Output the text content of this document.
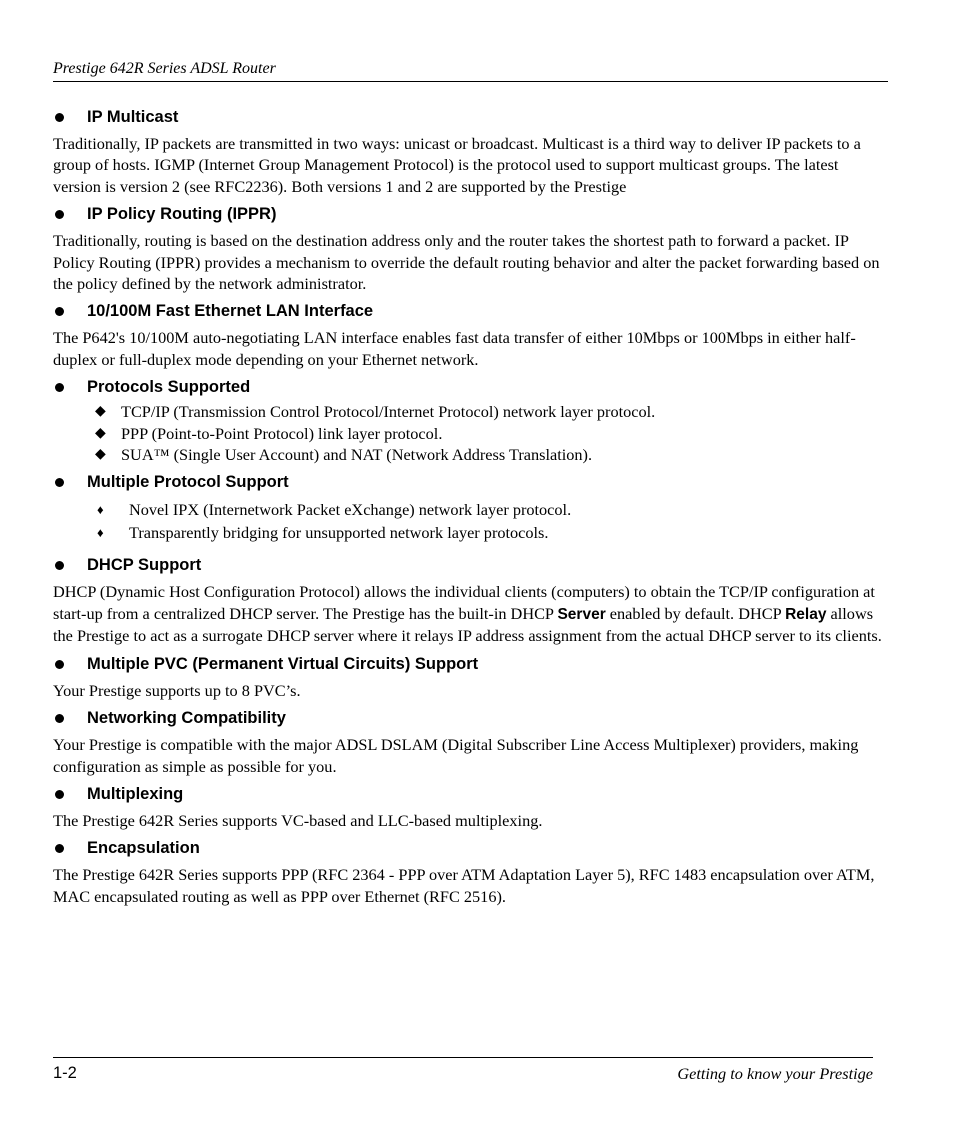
Prestige 642R Series ADSL Router
IP Multicast

Traditionally, IP packets are transmitted in two ways: unicast or broadcast. Multicast is a third way to deliver IP packets to a group of hosts. IGMP (Internet Group Management Protocol) is the protocol used to support multicast groups. The latest version is version 2 (see RFC2236). Both versions 1 and 2 are supported by the Prestige

IP Policy Routing (IPPR)

Traditionally, routing is based on the destination address only and the router takes the shortest path to forward a packet. IP Policy Routing (IPPR) provides a mechanism to override the default routing behavior and alter the packet forwarding based on the policy defined by the network administrator.

10/100M Fast Ethernet LAN Interface

The P642's 10/100M auto-negotiating LAN interface enables fast data transfer of either 10Mbps or 100Mbps in either half-duplex or full-duplex mode depending on your Ethernet network.

Protocols Supported
◆ TCP/IP (Transmission Control Protocol/Internet Protocol) network layer protocol.
◆ PPP (Point-to-Point Protocol) link layer protocol.
◆ SUA™ (Single User Account) and NAT (Network Address Translation).
Multiple Protocol Support
♦ Novel IPX (Internetwork Packet eXchange) network layer protocol.
♦ Transparently bridging for unsupported network layer protocols.
DHCP Support

DHCP (Dynamic Host Configuration Protocol) allows the individual clients (computers) to obtain the TCP/IP configuration at start-up from a centralized DHCP server. The Prestige has the built-in DHCP Server enabled by default. DHCP Relay allows the Prestige to act as a surrogate DHCP server where it relays IP address assignment from the actual DHCP server to its clients.

Multiple PVC (Permanent Virtual Circuits) Support

Your Prestige supports up to 8 PVC’s.

Networking Compatibility

Your Prestige is compatible with the major ADSL DSLAM (Digital Subscriber Line Access Multiplexer) providers, making configuration as simple as possible for you.

Multiplexing

The Prestige 642R Series supports VC-based and LLC-based multiplexing.

Encapsulation

The Prestige 642R Series supports PPP (RFC 2364 - PPP over ATM Adaptation Layer 5), RFC 1483 encapsulation over ATM, MAC encapsulated routing as well as PPP over Ethernet (RFC 2516).

1-2	Getting to know your Prestige
